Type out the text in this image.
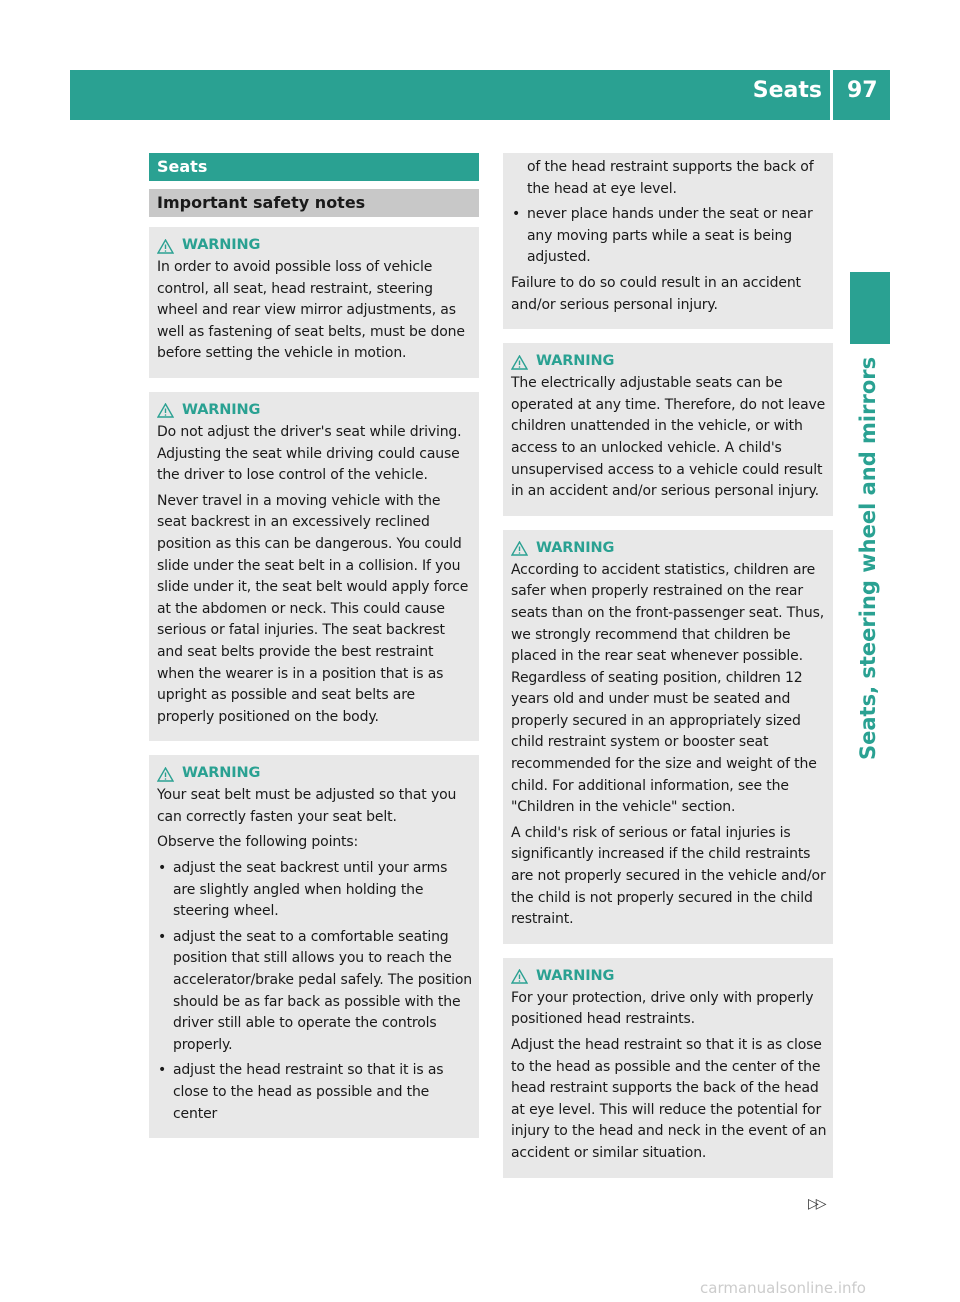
Seats 97
Seats, steering wheel and mirrors
Seats
Important safety notes
WARNING

In order to avoid possible loss of vehicle control, all seat, head restraint, steering wheel and rear view mirror adjustments, as well as fastening of seat belts, must be done before setting the vehicle in motion.

WARNING

Do not adjust the driver's seat while driving. Adjusting the seat while driving could cause the driver to lose control of the vehicle.

Never travel in a moving vehicle with the seat backrest in an excessively reclined position as this can be dangerous. You could slide under the seat belt in a collision. If you slide under it, the seat belt would apply force at the abdomen or neck. This could cause serious or fatal injuries. The seat backrest and seat belts provide the best restraint when the wearer is in a position that is as upright as possible and seat belts are properly positioned on the body.

WARNING

Your seat belt must be adjusted so that you can correctly fasten your seat belt.

Observe the following points:

• adjust the seat backrest until your arms are slightly angled when holding the steering wheel.
• adjust the seat to a comfortable seating position that still allows you to reach the accelerator/brake pedal safely. The position should be as far back as possible with the driver still able to operate the controls properly.
• adjust the head restraint so that it is as close to the head as possible and the center
of the head restraint supports the back of the head at eye level.
• never place hands under the seat or near any moving parts while a seat is being adjusted.

Failure to do so could result in an accident and/or serious personal injury.

WARNING

The electrically adjustable seats can be operated at any time. Therefore, do not leave children unattended in the vehicle, or with access to an unlocked vehicle. A child's unsupervised access to a vehicle could result in an accident and/or serious personal injury.

WARNING

According to accident statistics, children are safer when properly restrained on the rear seats than on the front-passenger seat. Thus, we strongly recommend that children be placed in the rear seat whenever possible. Regardless of seating position, children 12 years old and under must be seated and properly secured in an appropriately sized child restraint system or booster seat recommended for the size and weight of the child. For additional information, see the "Children in the vehicle" section.

A child's risk of serious or fatal injuries is significantly increased if the child restraints are not properly secured in the vehicle and/or the child is not properly secured in the child restraint.

WARNING

For your protection, drive only with properly positioned head restraints.

Adjust the head restraint so that it is as close to the head as possible and the center of the head restraint supports the back of the head at eye level. This will reduce the potential for injury to the head and neck in the event of an accident or similar situation.

▷▷
carmanualsonline.info
